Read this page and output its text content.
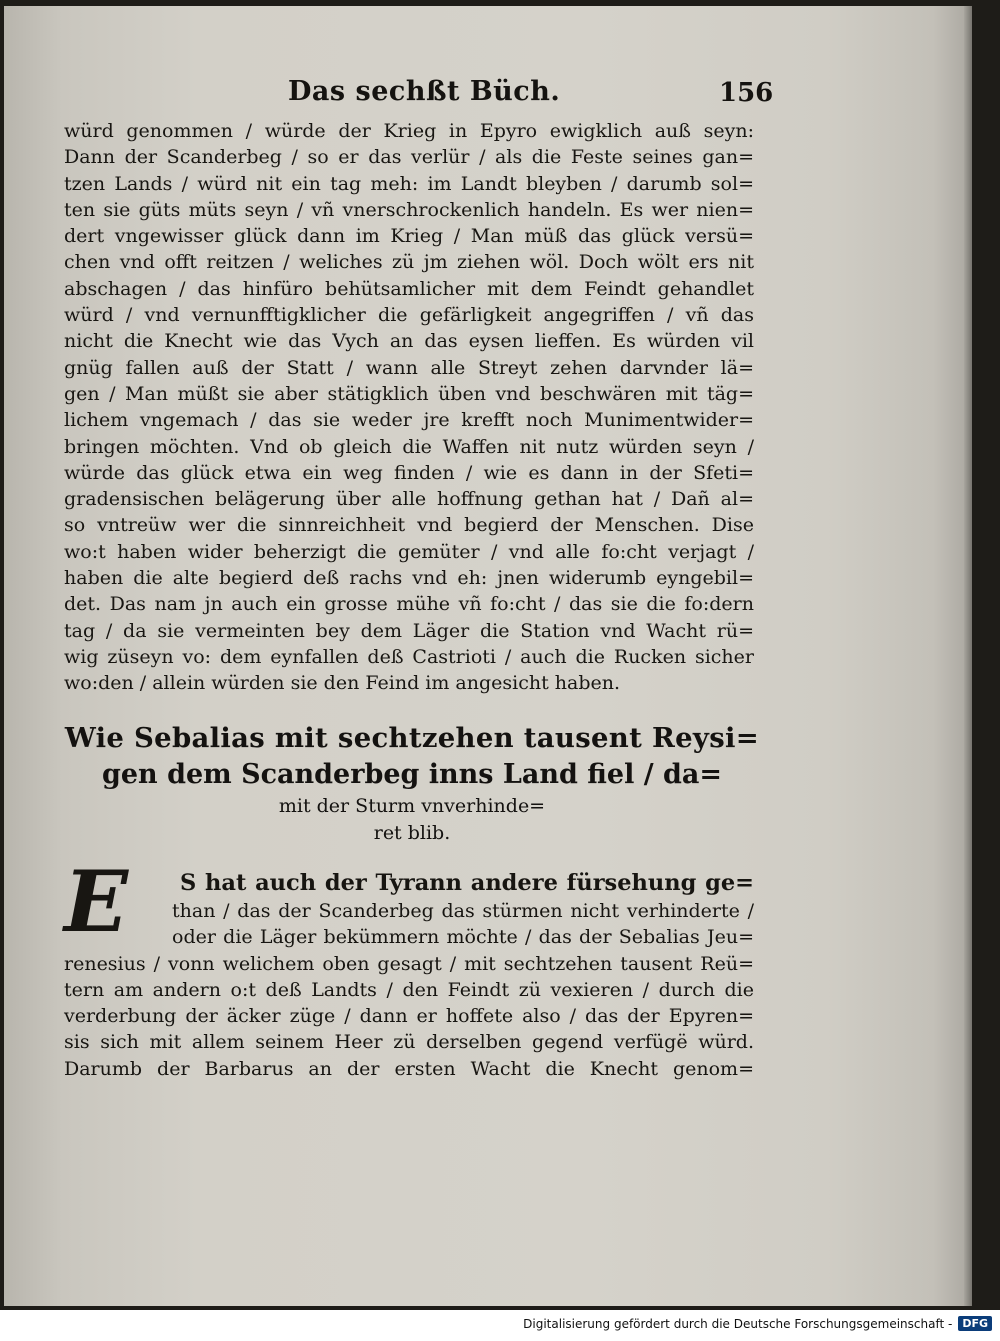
Das sechßt Büch.	156
würd genommen / würde der Krieg in Epyro ewigklich auß seyn:
Dann der Scanderbeg / so er das verlür / als die Feste seines gan=
tzen Lands / würd nit ein tag meh: im Landt bleyben / darumb sol=
ten sie güts müts seyn / vñ vnerschrockenlich handeln. Es wer nien=
dert vngewisser glück dann im Krieg / Man müß das glück versü=
chen vnd offt reitzen / weliches zü jm ziehen wöl. Doch wölt ers nit
abschagen / das hinfüro behütsamlicher mit dem Feindt gehandlet
würd / vnd vernunfftigklicher die gefärligkeit angegriffen / vñ das
nicht die Knecht wie das Vych an das eysen lieffen. Es würden vil
gnüg fallen auß der Statt / wann alle Streyt zehen darvnder lä=
gen / Man müßt sie aber stätigklich üben vnd beschwären mit täg=
lichem vngemach / das sie weder jre krefft noch Munimentwider=
bringen möchten. Vnd ob gleich die Waffen nit nutz würden seyn /
würde das glück etwa ein weg finden / wie es dann in der Sfeti=
gradensischen belägerung über alle hoffnung gethan hat / Dañ al=
so vntreüw wer die sinnreichheit vnd begierd der Menschen. Dise
wo:t haben wider beherzigt die gemüter / vnd alle fo:cht verjagt /
haben die alte begierd deß rachs vnd eh: jnen widerumb eyngebil=
det. Das nam jn auch ein grosse mühe vñ fo:cht / das sie die fo:dern
tag / da sie vermeinten bey dem Läger die Station vnd Wacht rü=
wig züseyn vo: dem eynfallen deß Castrioti / auch die Rucken sicher
wo:den / allein würden sie den Feind im angesicht haben.
Wie Sebalias mit sechtzehen tausent Reysi=
gen dem Scanderbeg inns Land fiel / da=
mit der Sturm vnverhinde=
ret blib.
E	S hat auch der Tyrann andere fürsehung ge=
than / das der Scanderbeg das stürmen nicht verhinderte /
oder die Läger bekümmern möchte / das der Sebalias Jeu=
renesius / vonn welichem oben gesagt / mit sechtzehen tausent Reü=
tern am andern o:t deß Landts / den Feindt zü vexieren / durch die
verderbung der äcker züge / dann er hoffete also / das der Epyren=
sis sich mit allem seinem Heer zü derselben gegend verfügë würd.
Darumb der Barbarus an der ersten Wacht die Knecht genom=
Digitalisierung gefördert durch die Deutsche Forschungsgemeinschaft - DFG
